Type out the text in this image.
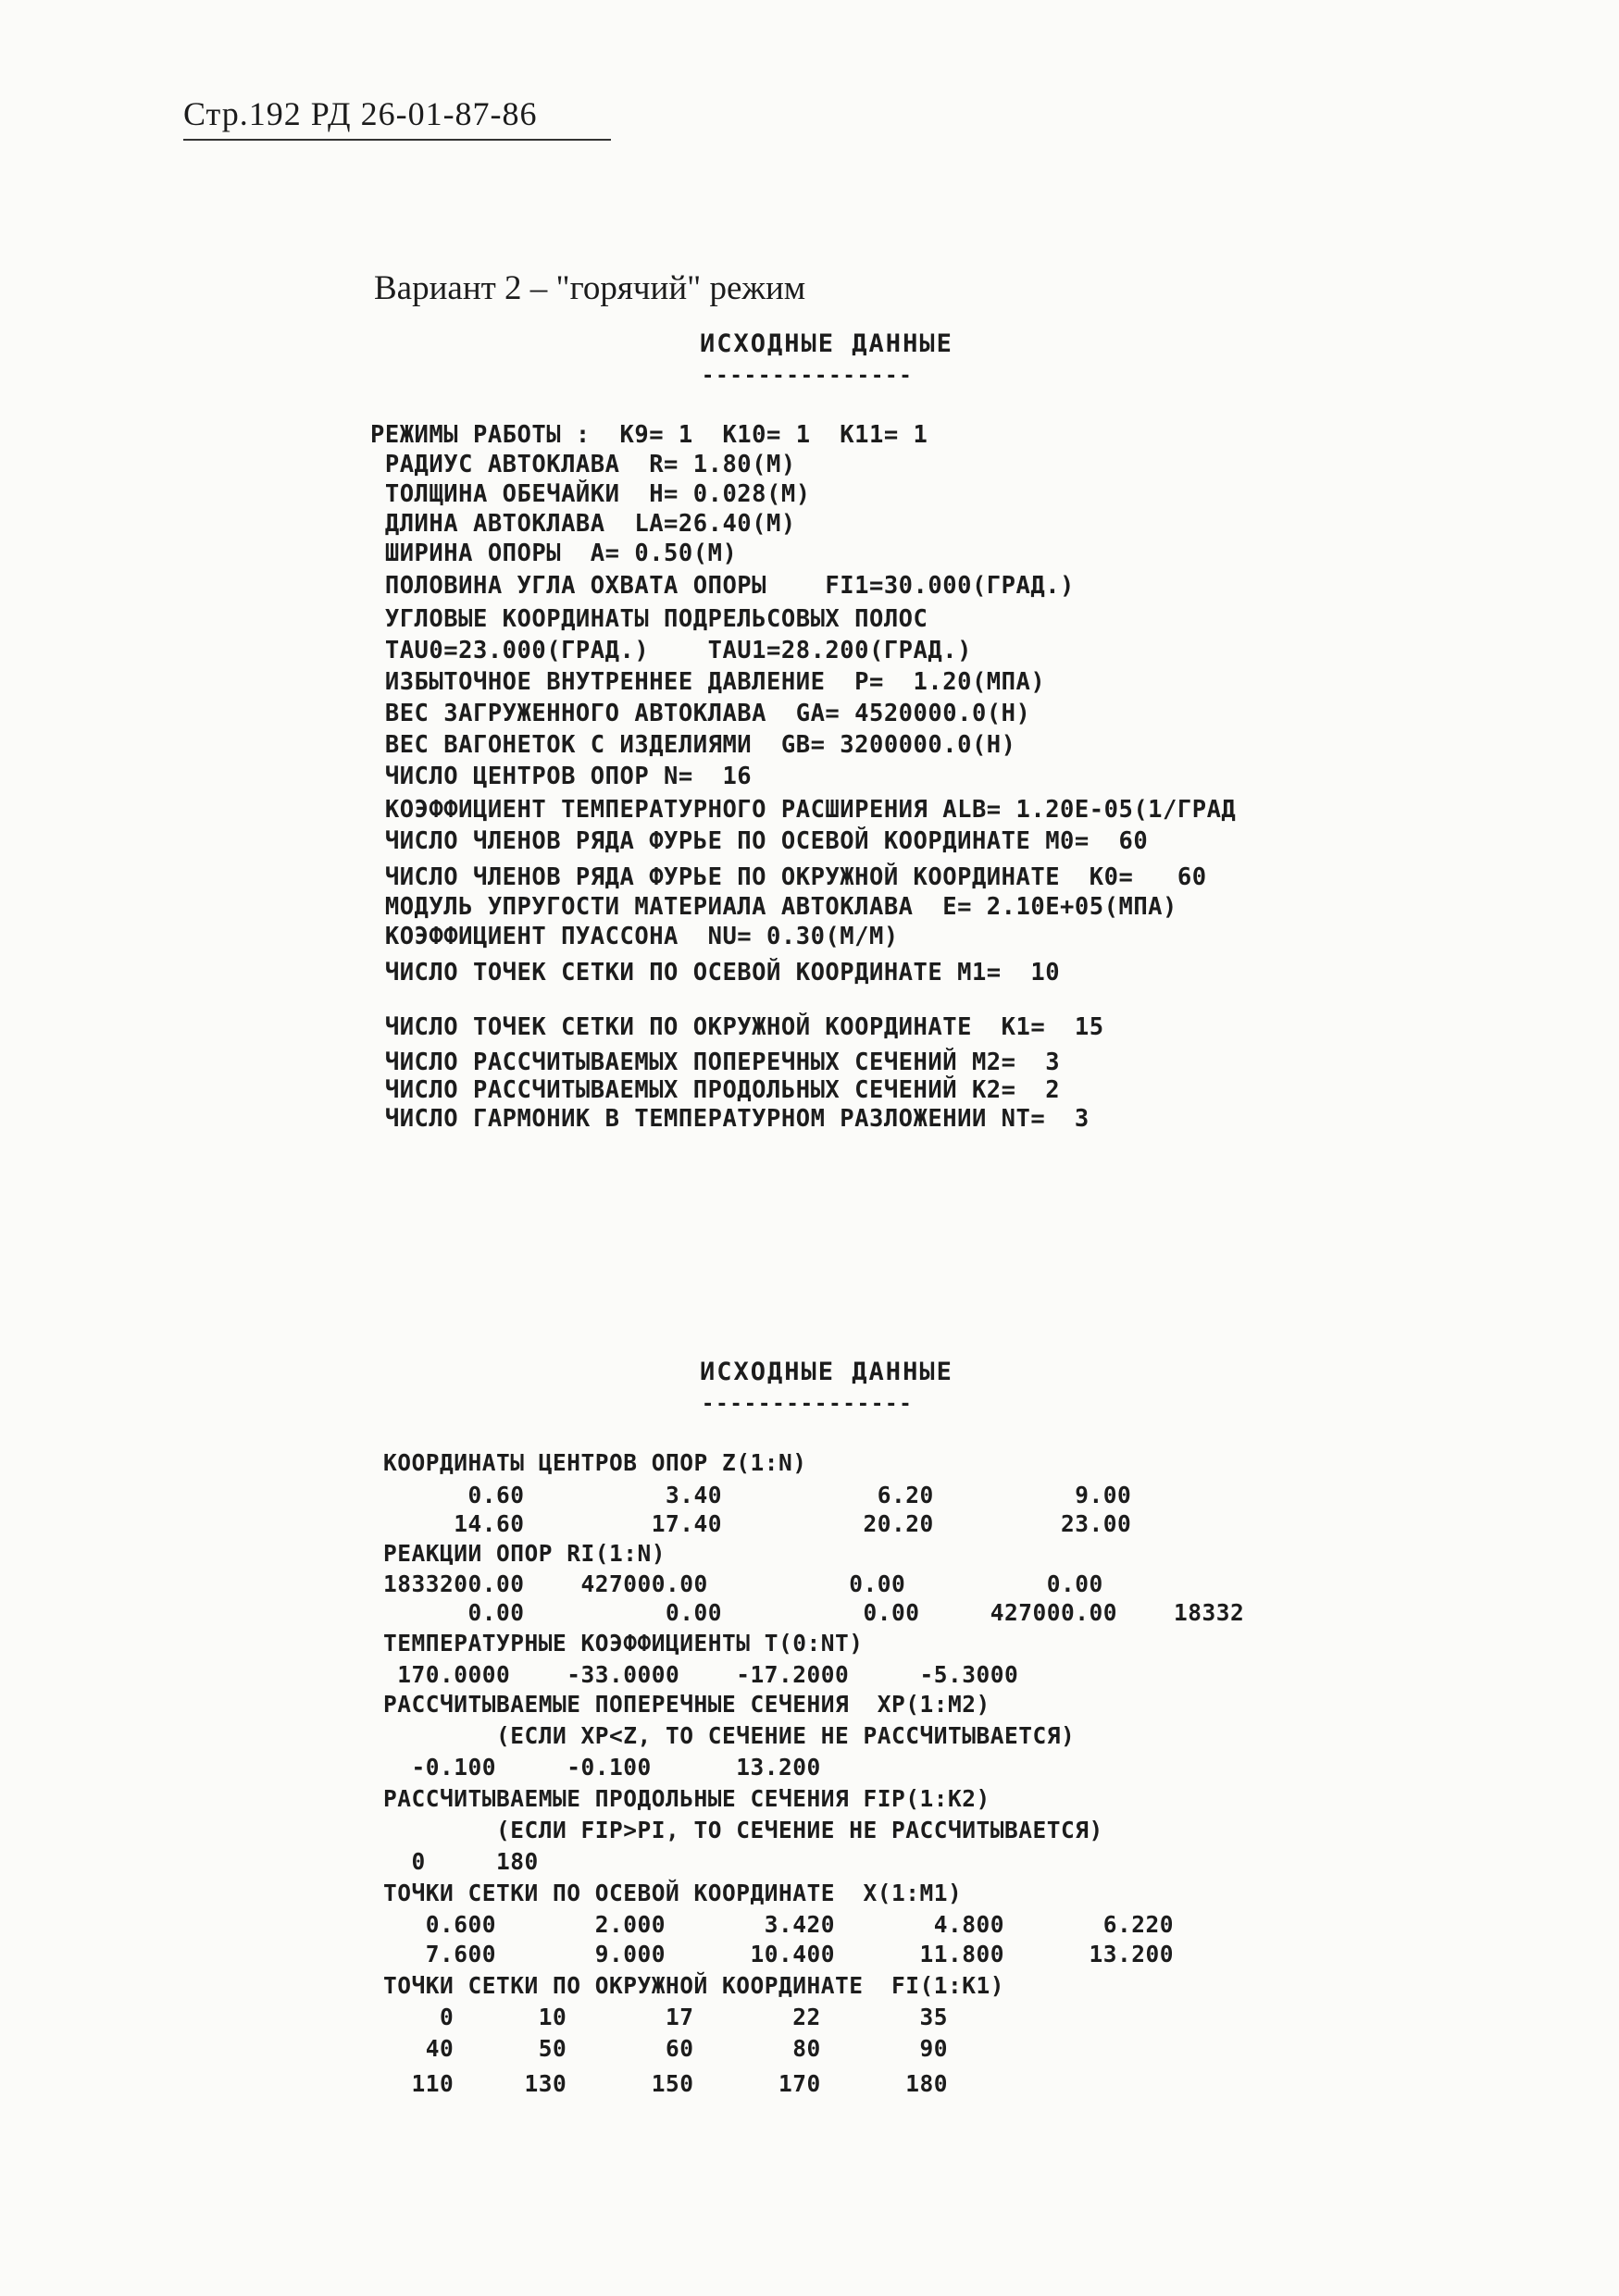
Стр.192 РД 26-01-87-86
Вариант 2 – "горячий" режим
ИСХОДНЫЕ ДАННЫЕ
---------------
РЕЖИМЫ РАБОТЫ :  K9= 1  K10= 1  K11= 1
РАДИУС АВТОКЛАВА  R= 1.80(M)
ТОЛЩИНА ОБЕЧАЙКИ  H= 0.028(M)
ДЛИНА АВТОКЛАВА  LA=26.40(M)
ШИРИНА ОПОРЫ  A= 0.50(M)
ПОЛОВИНА УГЛА ОХВАТА ОПОРЫ    FI1=30.000(ГРАД.)
УГЛОВЫЕ КООРДИНАТЫ ПОДРЕЛЬСОВЫХ ПОЛОС
TAU0=23.000(ГРАД.)    TAU1=28.200(ГРАД.)
ИЗБЫТОЧНОЕ ВНУТРЕННЕЕ ДАВЛЕНИЕ  P=  1.20(МПА)
ВЕС ЗАГРУЖЕННОГО АВТОКЛАВА  GA= 4520000.0(H)
ВЕС ВАГОНЕТОК С ИЗДЕЛИЯМИ  GB= 3200000.0(H)
ЧИСЛО ЦЕНТРОВ ОПОР N=  16
КОЭФФИЦИЕНТ ТЕМПЕРАТУРНОГО РАСШИРЕНИЯ ALB= 1.20E-05(1/ГРАД
ЧИСЛО ЧЛЕНОВ РЯДА ФУРЬЕ ПО ОСЕВОЙ КООРДИНАТЕ M0=  60
ЧИСЛО ЧЛЕНОВ РЯДА ФУРЬЕ ПО ОКРУЖНОЙ КООРДИНАТЕ  K0=   60
МОДУЛЬ УПРУГОСТИ МАТЕРИАЛА АВТОКЛАВА  E= 2.10E+05(МПА)
КОЭФФИЦИЕНТ ПУАССОНА  NU= 0.30(M/M)
ЧИСЛО ТОЧЕК СЕТКИ ПО ОСЕВОЙ КООРДИНАТЕ M1=  10
ЧИСЛО ТОЧЕК СЕТКИ ПО ОКРУЖНОЙ КООРДИНАТЕ  K1=  15
ЧИСЛО РАССЧИТЫВАЕМЫХ ПОПЕРЕЧНЫХ СЕЧЕНИЙ M2=  3
ЧИСЛО РАССЧИТЫВАЕМЫХ ПРОДОЛЬНЫХ СЕЧЕНИЙ K2=  2
ЧИСЛО ГАРМОНИК В ТЕМПЕРАТУРНОМ РАЗЛОЖЕНИИ NT=  3
ИСХОДНЫЕ ДАННЫЕ
---------------
КООРДИНАТЫ ЦЕНТРОВ ОПОР Z(1:N)
0.60          3.40           6.20          9.00
14.60         17.40          20.20         23.00
РЕАКЦИИ ОПОР RI(1:N)
1833200.00    427000.00          0.00          0.00
0.00          0.00          0.00     427000.00    18332
ТЕМПЕРАТУРНЫЕ КОЭФФИЦИЕНТЫ T(0:NT)
170.0000    -33.0000    -17.2000     -5.3000
РАССЧИТЫВАЕМЫЕ ПОПЕРЕЧНЫЕ СЕЧЕНИЯ  XP(1:M2)
(ЕСЛИ XP<Z, ТО СЕЧЕНИЕ НЕ РАССЧИТЫВАЕТСЯ)
-0.100     -0.100      13.200
РАССЧИТЫВАЕМЫЕ ПРОДОЛЬНЫЕ СЕЧЕНИЯ FIP(1:K2)
(ЕСЛИ FIP>PI, ТО СЕЧЕНИЕ НЕ РАССЧИТЫВАЕТСЯ)
0     180
ТОЧКИ СЕТКИ ПО ОСЕВОЙ КООРДИНАТЕ  X(1:M1)
0.600       2.000       3.420       4.800       6.220
7.600       9.000      10.400      11.800      13.200
ТОЧКИ СЕТКИ ПО ОКРУЖНОЙ КООРДИНАТЕ  FI(1:K1)
0      10       17       22       35
40      50       60       80       90
110     130      150      170      180
